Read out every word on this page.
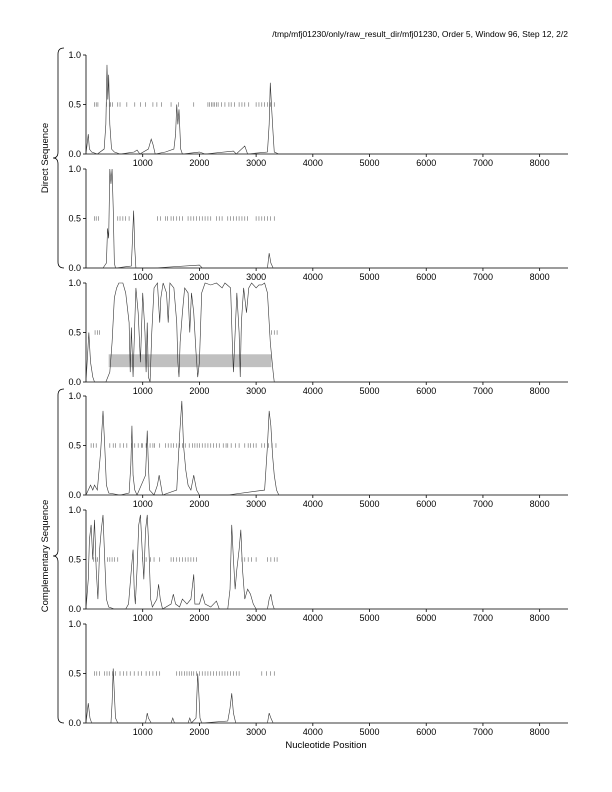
/tmp/mfj01230/only/raw_result_dir/mfj01230, Order 5, Window 96, Step 12, 2/2
0.0
0.5
1.0
1000	2000	3000	4000	5000	6000	7000	8000
0.0
0.5
1.0
1000	2000	3000	4000	5000	6000	7000	8000
0.0
0.5
1.0
1000	2000	3000	4000	5000	6000	7000	8000
0.0
0.5
1.0
1000	2000	3000	4000	5000	6000	7000	8000
0.0
0.5
1.0
1000	2000	3000	4000	5000	6000	7000	8000
0.0
0.5
1.0
1000	2000	3000	4000	5000	6000	7000	8000
Direct Sequence
Complementary Sequence
Nucleotide Position
